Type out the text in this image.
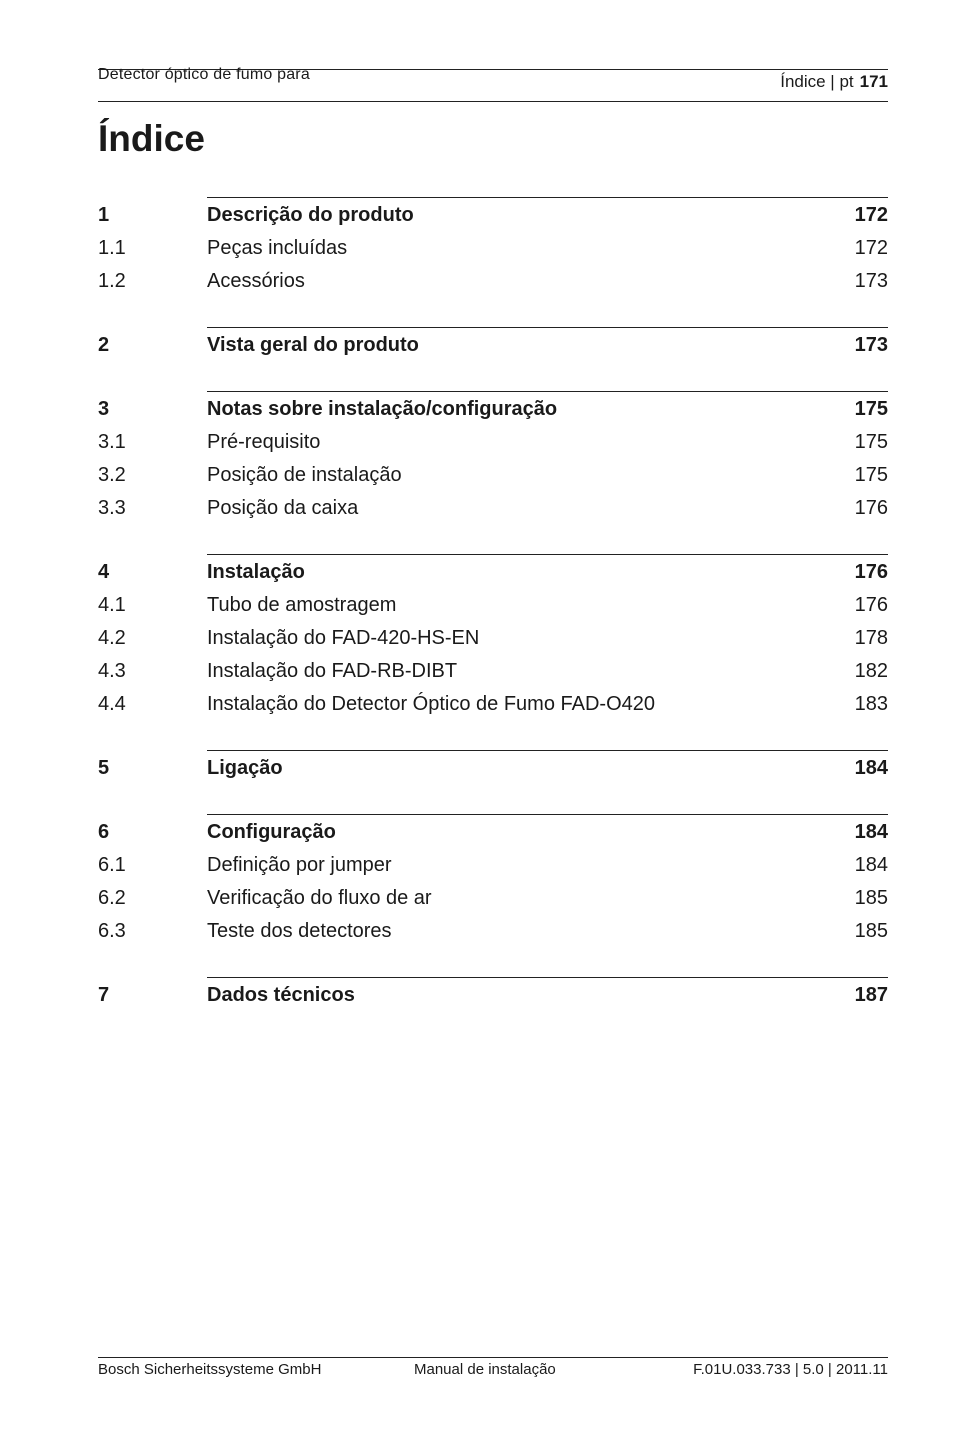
Detector óptico de fumo para	Índice | pt 171
Índice
1	Descrição do produto	172
1.1	Peças incluídas	172
1.2	Acessórios	173
2	Vista geral do produto	173
3	Notas sobre instalação/configuração	175
3.1	Pré-requisito	175
3.2	Posição de instalação	175
3.3	Posição da caixa	176
4	Instalação	176
4.1	Tubo de amostragem	176
4.2	Instalação do FAD-420-HS-EN	178
4.3	Instalação do FAD-RB-DIBT	182
4.4	Instalação do Detector Óptico de Fumo FAD-O420	183
5	Ligação	184
6	Configuração	184
6.1	Definição por jumper	184
6.2	Verificação do fluxo de ar	185
6.3	Teste dos detectores	185
7	Dados técnicos	187
Bosch Sicherheitssysteme GmbH	Manual de instalação	F.01U.033.733 | 5.0 | 2011.11
